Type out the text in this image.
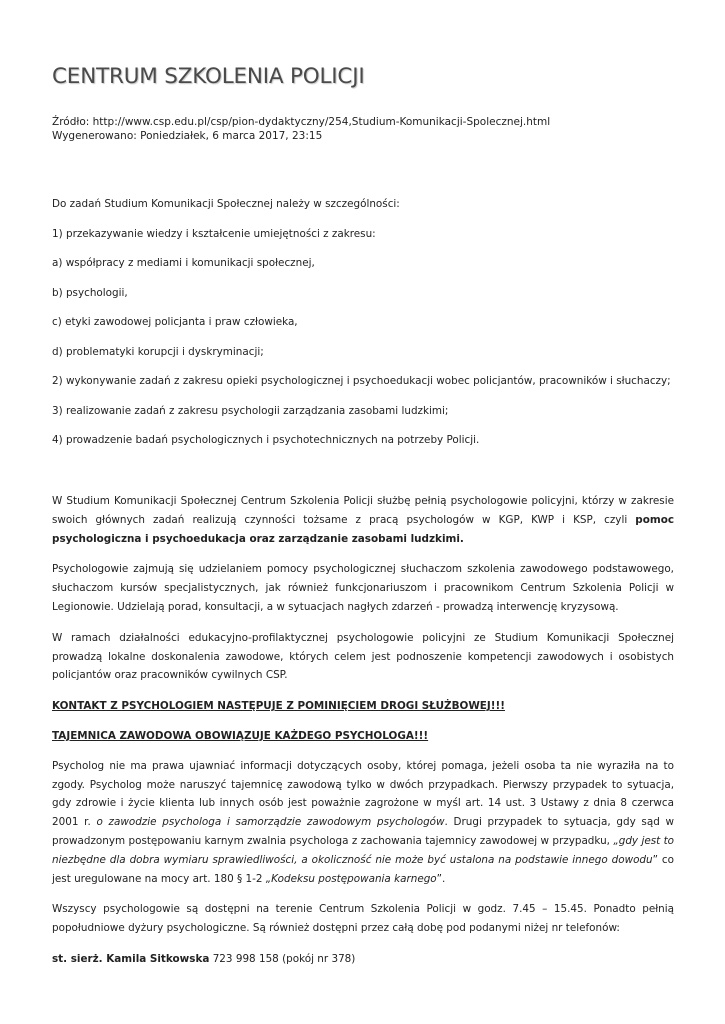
CENTRUM SZKOLENIA POLICJI
Źródło: http://www.csp.edu.pl/csp/pion-dydaktyczny/254,Studium-Komunikacji-Spolecznej.html
Wygenerowano: Poniedziałek, 6 marca 2017, 23:15

Do zadań Studium Komunikacji Społecznej należy w szczególności:

1) przekazywanie wiedzy i kształcenie umiejętności z zakresu:

a) współpracy z mediami i komunikacji społecznej,

b) psychologii,

c) etyki zawodowej policjanta i praw człowieka,

d) problematyki korupcji i dyskryminacji;

2) wykonywanie zadań z zakresu opieki psychologicznej i psychoedukacji wobec policjantów, pracowników i słuchaczy;

3) realizowanie zadań z zakresu psychologii zarządzania zasobami ludzkimi;

4) prowadzenie badań psychologicznych i psychotechnicznych na potrzeby Policji.

W Studium Komunikacji Społecznej Centrum Szkolenia Policji służbę pełnią psychologowie policyjni, którzy w zakresie swoich głównych zadań realizują czynności tożsame z pracą psychologów w KGP, KWP i KSP, czyli pomoc psychologiczna i psychoedukacja oraz zarządzanie zasobami ludzkimi.

Psychologowie zajmują się udzielaniem pomocy psychologicznej słuchaczom szkolenia zawodowego podstawowego, słuchaczom kursów specjalistycznych, jak również funkcjonariuszom i pracownikom Centrum Szkolenia Policji w Legionowie. Udzielają porad, konsultacji, a w sytuacjach nagłych zdarzeń - prowadzą interwencję kryzysową.

W ramach działalności edukacyjno-profilaktycznej psychologowie policyjni ze Studium Komunikacji Społecznej prowadzą lokalne doskonalenia zawodowe, których celem jest podnoszenie kompetencji zawodowych i osobistych policjantów oraz pracowników cywilnych CSP.

KONTAKT Z PSYCHOLOGIEM NASTĘPUJE Z POMINIĘCIEM DROGI SŁUŻBOWEJ!!!

TAJEMNICA ZAWODOWA OBOWIĄZUJE KAŻDEGO PSYCHOLOGA!!!

Psycholog nie ma prawa ujawniać informacji dotyczących osoby, której pomaga, jeżeli osoba ta nie wyraziła na to zgody. Psycholog może naruszyć tajemnicę zawodową tylko w dwóch przypadkach. Pierwszy przypadek to sytuacja, gdy zdrowie i życie klienta lub innych osób jest poważnie zagrożone w myśl art. 14 ust. 3 Ustawy z dnia 8 czerwca 2001 r. o zawodzie psychologa i samorządzie zawodowym psychologów. Drugi przypadek to sytuacja, gdy sąd w prowadzonym postępowaniu karnym zwalnia psychologa z zachowania tajemnicy zawodowej w przypadku, „gdy jest to niezbędne dla dobra wymiaru sprawiedliwości, a okoliczność nie może być ustalona na podstawie innego dowodu” co jest uregulowane na mocy art. 180 § 1-2 „Kodeksu postępowania karnego”.

Wszyscy psychologowie są dostępni na terenie Centrum Szkolenia Policji w godz. 7.45 – 15.45. Ponadto pełnią popołudniowe dyżury psychologiczne. Są również dostępni przez całą dobę pod podanymi niżej nr telefonów:

st. sierż. Kamila Sitkowska 723 998 158 (pokój nr 378)
